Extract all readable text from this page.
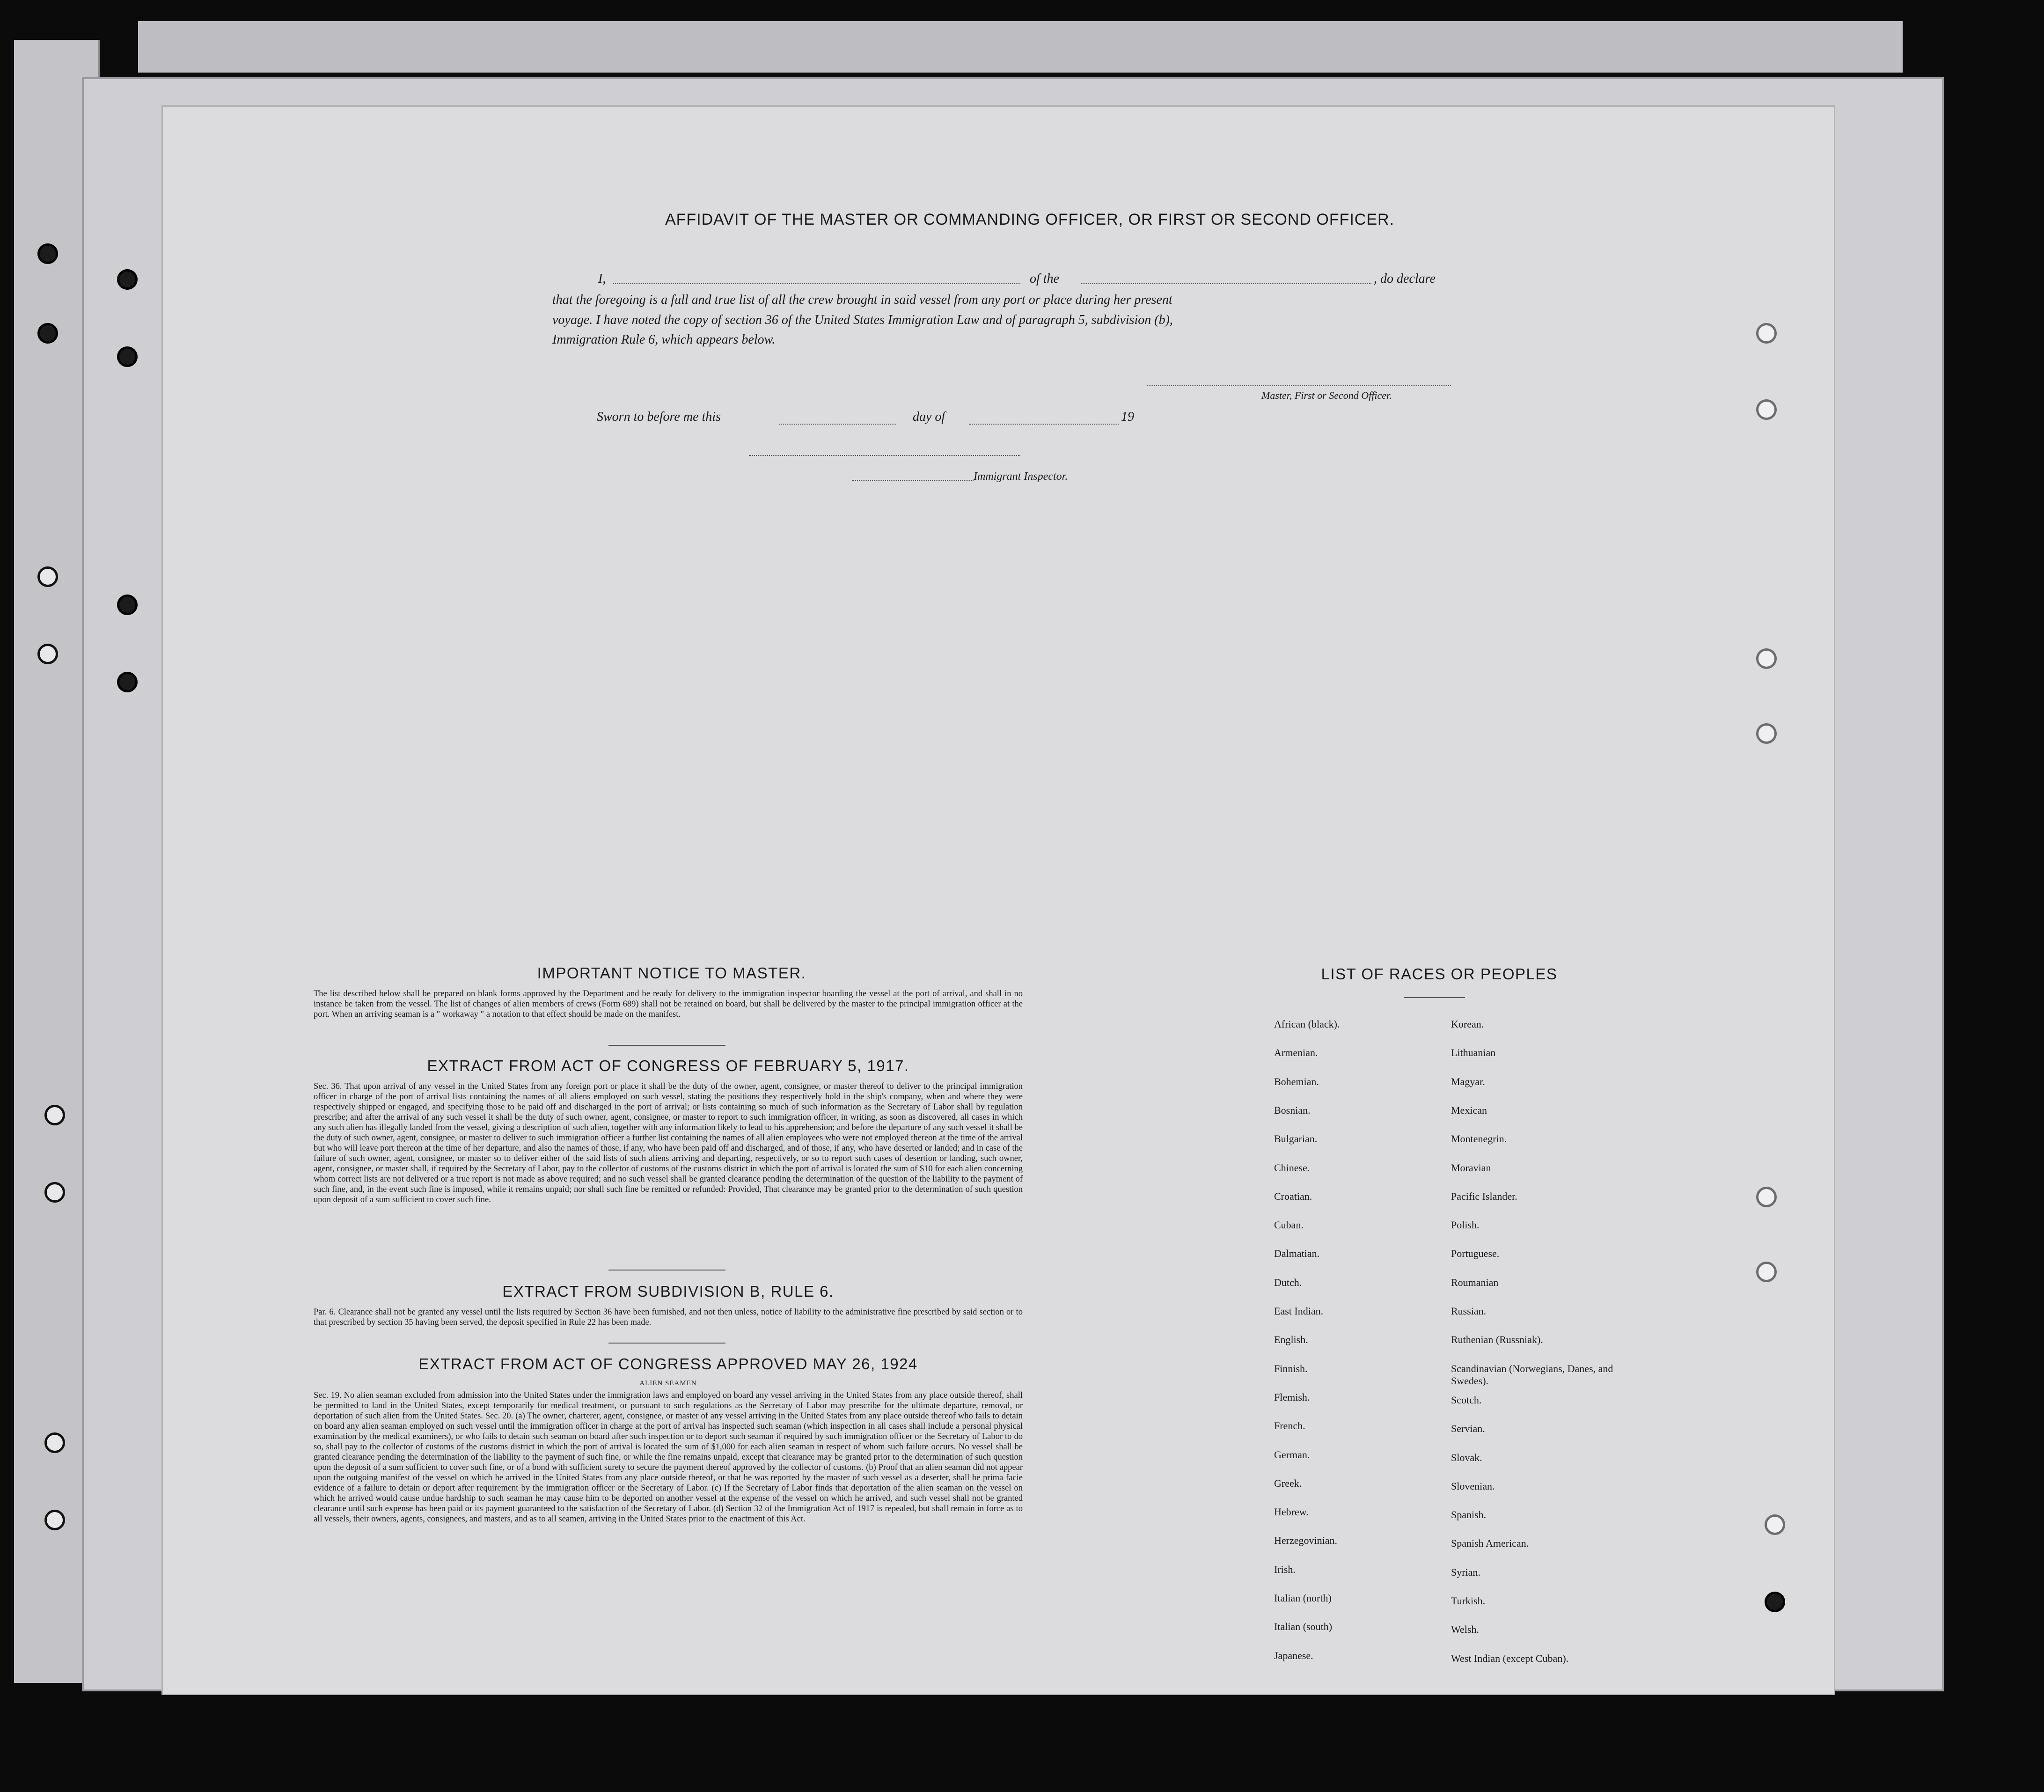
AFFIDAVIT OF THE MASTER OR COMMANDING OFFICER, OR FIRST OR SECOND OFFICER.
I,	of the	, do declare
that the foregoing is a full and true list of all the crew brought in said vessel from any port or place during her present
voyage. I have noted the copy of section 36 of the United States Immigration Law and of paragraph 5, subdivision (b),
Immigration Rule 6, which appears below.
Master, First or Second Officer.
Sworn to before me this	day of	19
Immigrant Inspector.
IMPORTANT NOTICE TO MASTER.
The list described below shall be prepared on blank forms approved by the Department and be ready for delivery to the immigration inspector boarding the vessel at the port of arrival, and shall in no instance be taken from the vessel. The list of changes of alien members of crews (Form 689) shall not be retained on board, but shall be delivered by the master to the principal immigration officer at the port. When an arriving seaman is a " workaway " a notation to that effect should be made on the manifest.
EXTRACT FROM ACT OF CONGRESS OF FEBRUARY 5, 1917.
Sec. 36. That upon arrival of any vessel in the United States from any foreign port or place it shall be the duty of the owner, agent, consignee, or master thereof to deliver to the principal immigration officer in charge of the port of arrival lists containing the names of all aliens employed on such vessel, stating the positions they respectively hold in the ship's company, when and where they were respectively shipped or engaged, and specifying those to be paid off and discharged in the port of arrival; or lists containing so much of such information as the Secretary of Labor shall by regulation prescribe; and after the arrival of any such vessel it shall be the duty of such owner, agent, consignee, or master to report to such immigration officer, in writing, as soon as discovered, all cases in which any such alien has illegally landed from the vessel, giving a description of such alien, together with any information likely to lead to his apprehension; and before the departure of any such vessel it shall be the duty of such owner, agent, consignee, or master to deliver to such immigration officer a further list containing the names of all alien employees who were not employed thereon at the time of the arrival but who will leave port thereon at the time of her departure, and also the names of those, if any, who have been paid off and discharged, and of those, if any, who have deserted or landed; and in case of the failure of such owner, agent, consignee, or master so to deliver either of the said lists of such aliens arriving and departing, respectively, or so to report such cases of desertion or landing, such owner, agent, consignee, or master shall, if required by the Secretary of Labor, pay to the collector of customs of the customs district in which the port of arrival is located the sum of $10 for each alien concerning whom correct lists are not delivered or a true report is not made as above required; and no such vessel shall be granted clearance pending the determination of the question of the liability to the payment of such fine, and, in the event such fine is imposed, while it remains unpaid; nor shall such fine be remitted or refunded: Provided, That clearance may be granted prior to the determination of such question upon deposit of a sum sufficient to cover such fine.
EXTRACT FROM SUBDIVISION B, RULE 6.
Par. 6. Clearance shall not be granted any vessel until the lists required by Section 36 have been furnished, and not then unless, notice of liability to the administrative fine prescribed by said section or to that prescribed by section 35 having been served, the deposit specified in Rule 22 has been made.
EXTRACT FROM ACT OF CONGRESS APPROVED MAY 26, 1924
ALIEN SEAMEN
Sec. 19. No alien seaman excluded from admission into the United States under the immigration laws and employed on board any vessel arriving in the United States from any place outside thereof, shall be permitted to land in the United States, except temporarily for medical treatment, or pursuant to such regulations as the Secretary of Labor may prescribe for the ultimate departure, removal, or deportation of such alien from the United States. Sec. 20. (a) The owner, charterer, agent, consignee, or master of any vessel arriving in the United States from any place outside thereof who fails to detain on board any alien seaman employed on such vessel until the immigration officer in charge at the port of arrival has inspected such seaman (which inspection in all cases shall include a personal physical examination by the medical examiners), or who fails to detain such seaman on board after such inspection or to deport such seaman if required by such immigration officer or the Secretary of Labor to do so, shall pay to the collector of customs of the customs district in which the port of arrival is located the sum of $1,000 for each alien seaman in respect of whom such failure occurs. No vessel shall be granted clearance pending the determination of the liability to the payment of such fine, or while the fine remains unpaid, except that clearance may be granted prior to the determination of such question upon the deposit of a sum sufficient to cover such fine, or of a bond with sufficient surety to secure the payment thereof approved by the collector of customs. (b) Proof that an alien seaman did not appear upon the outgoing manifest of the vessel on which he arrived in the United States from any place outside thereof, or that he was reported by the master of such vessel as a deserter, shall be prima facie evidence of a failure to detain or deport after requirement by the immigration officer or the Secretary of Labor. (c) If the Secretary of Labor finds that deportation of the alien seaman on the vessel on which he arrived would cause undue hardship to such seaman he may cause him to be deported on another vessel at the expense of the vessel on which he arrived, and such vessel shall not be granted clearance until such expense has been paid or its payment guaranteed to the satisfaction of the Secretary of Labor. (d) Section 32 of the Immigration Act of 1917 is repealed, but shall remain in force as to all vessels, their owners, agents, consignees, and masters, and as to all seamen, arriving in the United States prior to the enactment of this Act.
LIST OF RACES OR PEOPLES
African (black).
Armenian.
Bohemian.
Bosnian.
Bulgarian.
Chinese.
Croatian.
Cuban.
Dalmatian.
Dutch.
East Indian.
English.
Finnish.
Flemish.
French.
German.
Greek.
Hebrew.
Herzegovinian.
Irish.
Italian (north)
Italian (south)
Japanese.
Korean.
Lithuanian
Magyar.
Mexican
Montenegrin.
Moravian
Pacific Islander.
Polish.
Portuguese.
Roumanian
Russian.
Ruthenian (Russniak).
Scandinavian (Norwegians, Danes, and Swedes).
Scotch.
Servian.
Slovak.
Slovenian.
Spanish.
Spanish American.
Syrian.
Turkish.
Welsh.
West Indian (except Cuban).
